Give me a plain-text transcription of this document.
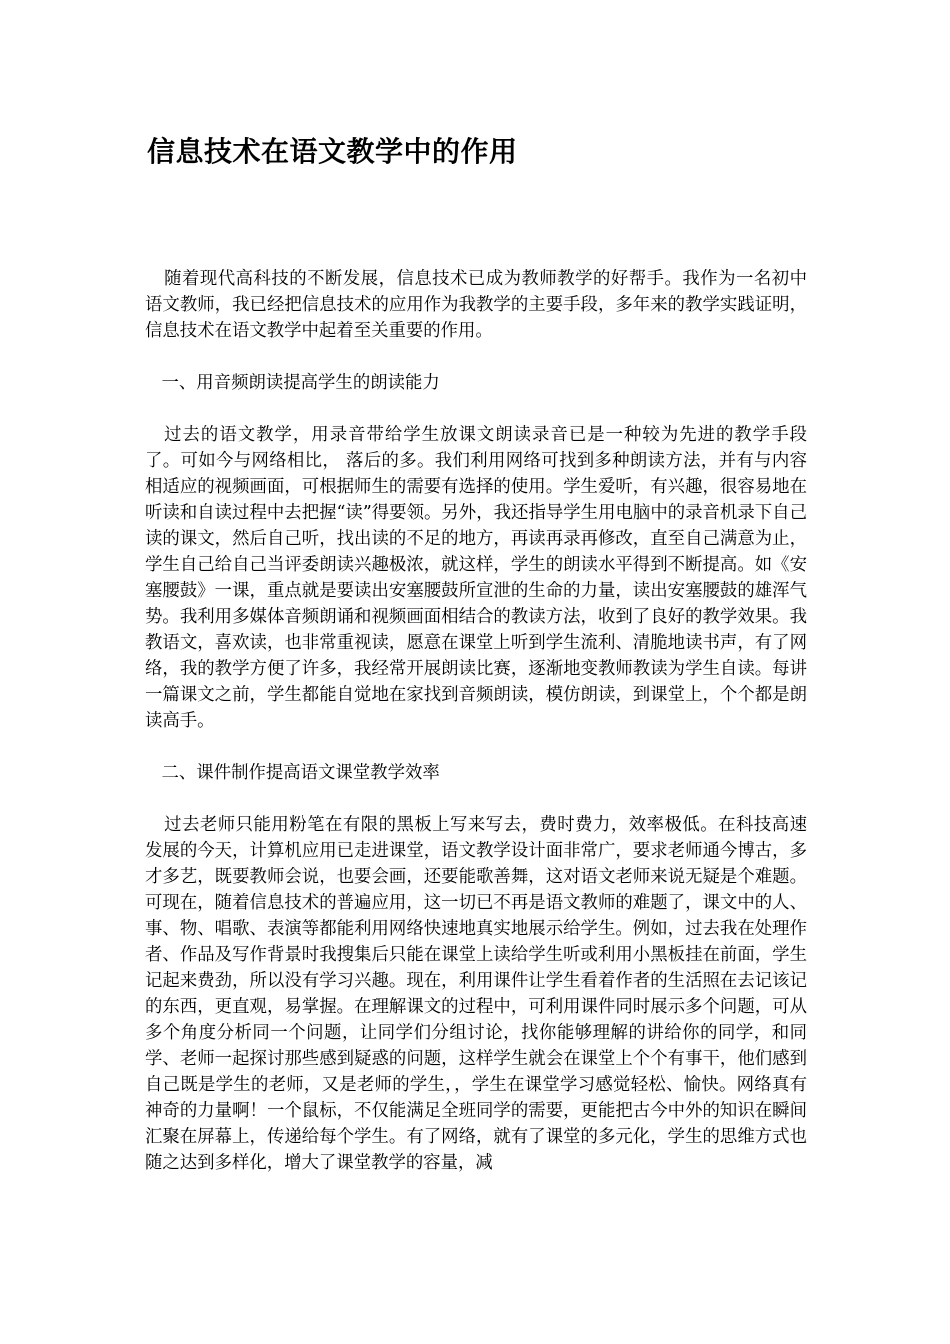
信息技术在语文教学中的作用

随着现代高科技的不断发展，信息技术已成为教师教学的好帮手。我作为一名初中语文教师，我已经把信息技术的应用作为我教学的主要手段，多年来的教学实践证明，信息技术在语文教学中起着至关重要的作用。

一、用音频朗读提高学生的朗读能力

过去的语文教学，用录音带给学生放课文朗读录音已是一种较为先进的教学手段了。可如今与网络相比， 落后的多。我们利用网络可找到多种朗读方法，并有与内容相适应的视频画面，可根据师生的需要有选择的使用。学生爱听，有兴趣，很容易地在听读和自读过程中去把握“读”得要领。另外，我还指导学生用电脑中的录音机录下自己读的课文，然后自己听，找出读的不足的地方，再读再录再修改，直至自己满意为止，学生自己给自己当评委朗读兴趣极浓，就这样，学生的朗读水平得到不断提高。如《安塞腰鼓》一课，重点就是要读出安塞腰鼓所宣泄的生命的力量，读出安塞腰鼓的雄浑气势。我利用多媒体音频朗诵和视频画面相结合的教读方法，收到了良好的教学效果。我教语文，喜欢读，也非常重视读，愿意在课堂上听到学生流利、清脆地读书声，有了网络，我的教学方便了许多，我经常开展朗读比赛，逐渐地变教师教读为学生自读。每讲一篇课文之前，学生都能自觉地在家找到音频朗读，模仿朗读，到课堂上，个个都是朗读高手。

二、课件制作提高语文课堂教学效率

过去老师只能用粉笔在有限的黑板上写来写去，费时费力，效率极低。在科技高速发展的今天，计算机应用已走进课堂，语文教学设计面非常广，要求老师通今博古，多才多艺，既要教师会说，也要会画，还要能歌善舞，这对语文老师来说无疑是个难题。可现在，随着信息技术的普遍应用，这一切已不再是语文教师的难题了，课文中的人、事、物、唱歌、表演等都能利用网络快速地真实地展示给学生。例如，过去我在处理作者、作品及写作背景时我搜集后只能在课堂上读给学生听或利用小黑板挂在前面，学生记起来费劲，所以没有学习兴趣。现在，利用课件让学生看着作者的生活照在去记该记的东西，更直观，易掌握。在理解课文的过程中，可利用课件同时展示多个问题，可从多个角度分析同一个问题，让同学们分组讨论，找你能够理解的讲给你的同学，和同学、老师一起探讨那些感到疑惑的问题，这样学生就会在课堂上个个有事干，他们感到自己既是学生的老师，又是老师的学生，，学生在课堂学习感觉轻松、愉快。网络真有神奇的力量啊！一个鼠标，不仅能满足全班同学的需要，更能把古今中外的知识在瞬间汇聚在屏幕上，传递给每个学生。有了网络，就有了课堂的多元化，学生的思维方式也随之达到多样化，增大了课堂教学的容量，减
